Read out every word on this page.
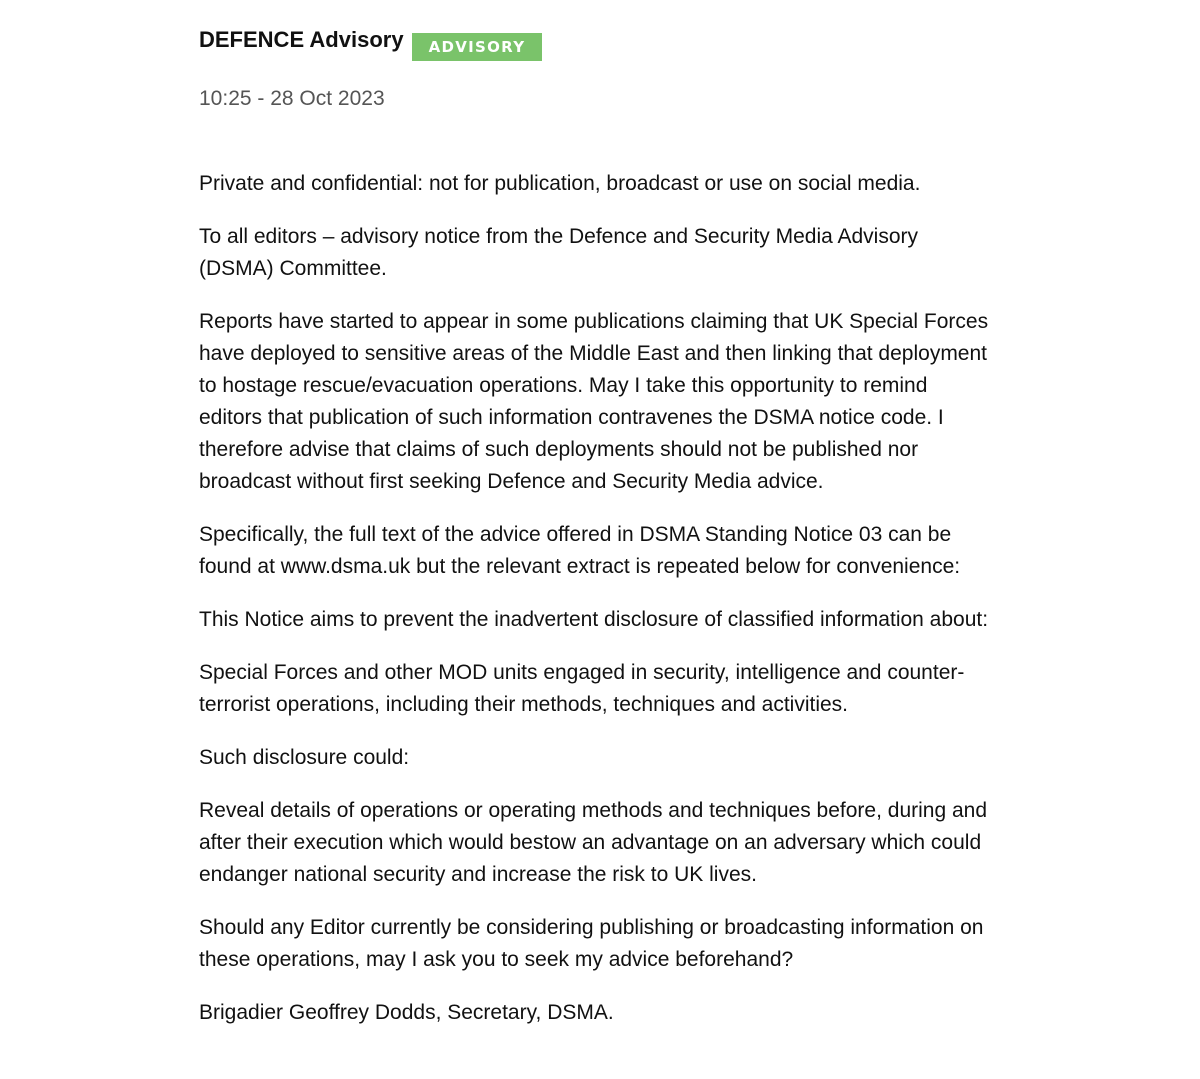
DEFENCE Advisory	ADVISORY
10:25 - 28 Oct 2023

Private and confidential: not for publication, broadcast or use on social media.

To all editors – advisory notice from the Defence and Security Media Advisory (DSMA) Committee.

Reports have started to appear in some publications claiming that UK Special Forces have deployed to sensitive areas of the Middle East and then linking that deployment to hostage rescue/evacuation operations. May I take this opportunity to remind editors that publication of such information contravenes the DSMA notice code. I therefore advise that claims of such deployments should not be published nor broadcast without first seeking Defence and Security Media advice.

Specifically, the full text of the advice offered in DSMA Standing Notice 03 can be found at www.dsma.uk but the relevant extract is repeated below for convenience:

This Notice aims to prevent the inadvertent disclosure of classified information about:

Special Forces and other MOD units engaged in security, intelligence and counter-terrorist operations, including their methods, techniques and activities.

Such disclosure could:

Reveal details of operations or operating methods and techniques before, during and after their execution which would bestow an advantage on an adversary which could endanger national security and increase the risk to UK lives.

Should any Editor currently be considering publishing or broadcasting information on these operations, may I ask you to seek my advice beforehand?

Brigadier Geoffrey Dodds, Secretary, DSMA.
